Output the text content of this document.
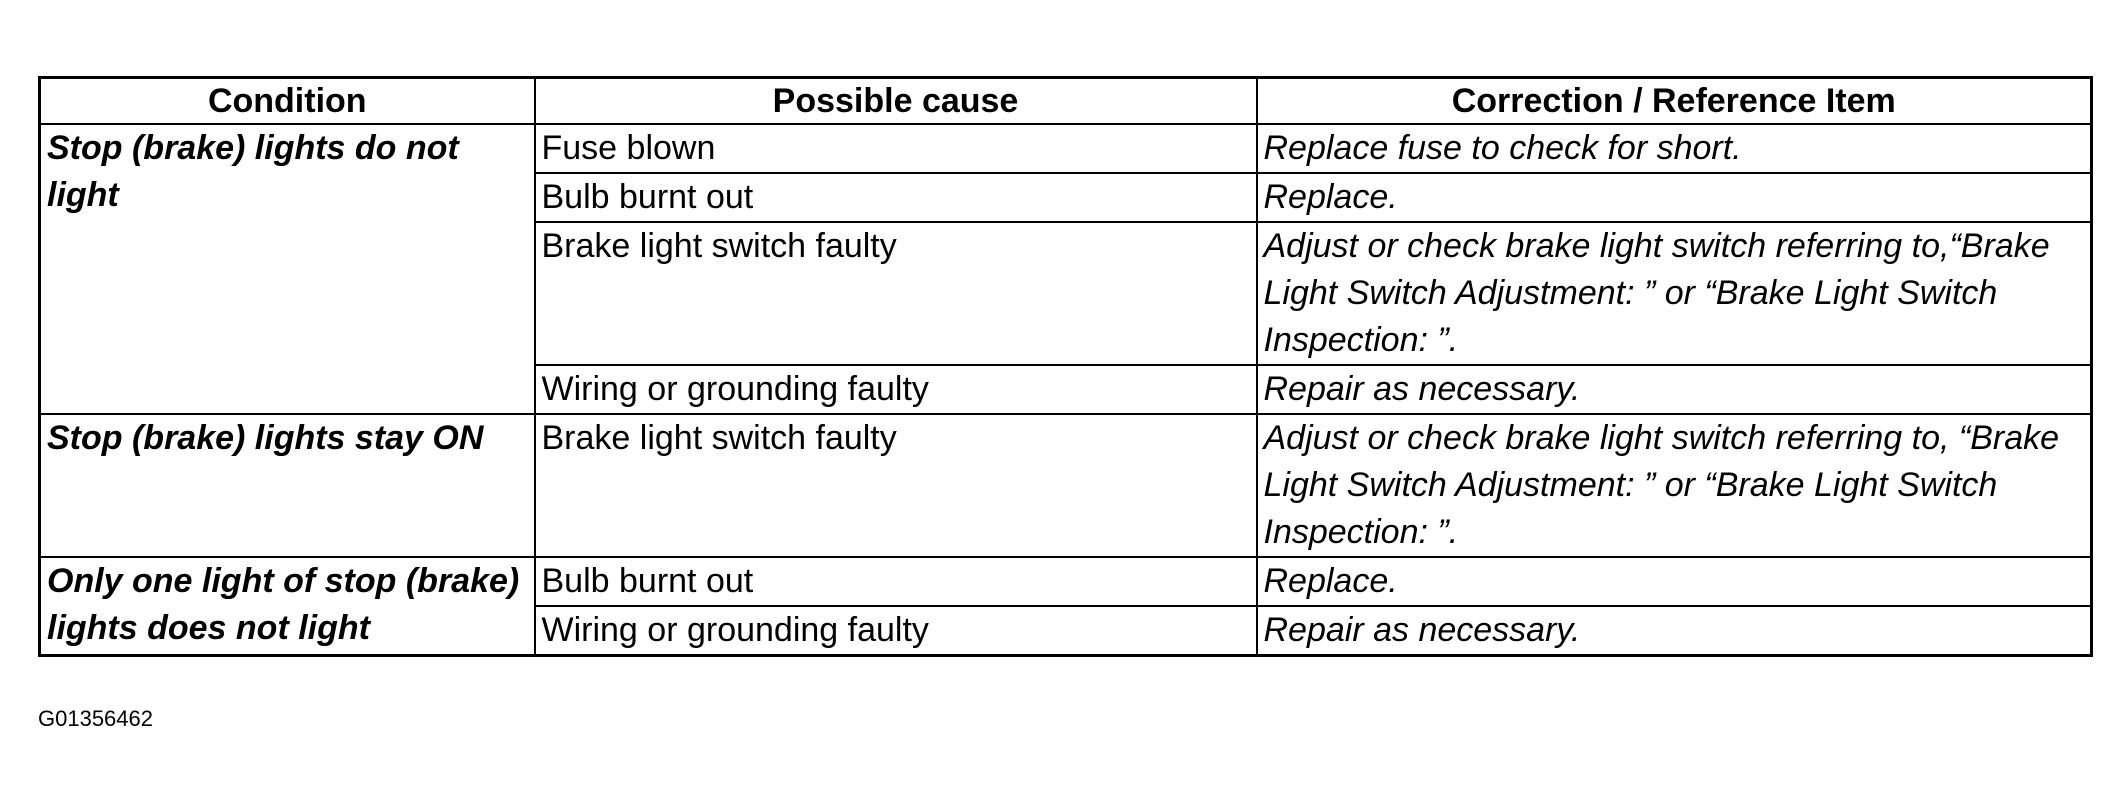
Condition	Possible cause	Correction / Reference Item
Stop (brake) lights do not light	Fuse blown	Replace fuse to check for short.
	Bulb burnt out	Replace.
	Brake light switch faulty	Adjust or check brake light switch referring to,“Brake Light Switch Adjustment: ” or “Brake Light Switch Inspection: ”.
	Wiring or grounding faulty	Repair as necessary.
Stop (brake) lights stay ON	Brake light switch faulty	Adjust or check brake light switch referring to, “Brake Light Switch Adjustment: ” or “Brake Light Switch Inspection: ”.
Only one light of stop (brake) lights does not light	Bulb burnt out	Replace.
	Wiring or grounding faulty	Repair as necessary.
G01356462
